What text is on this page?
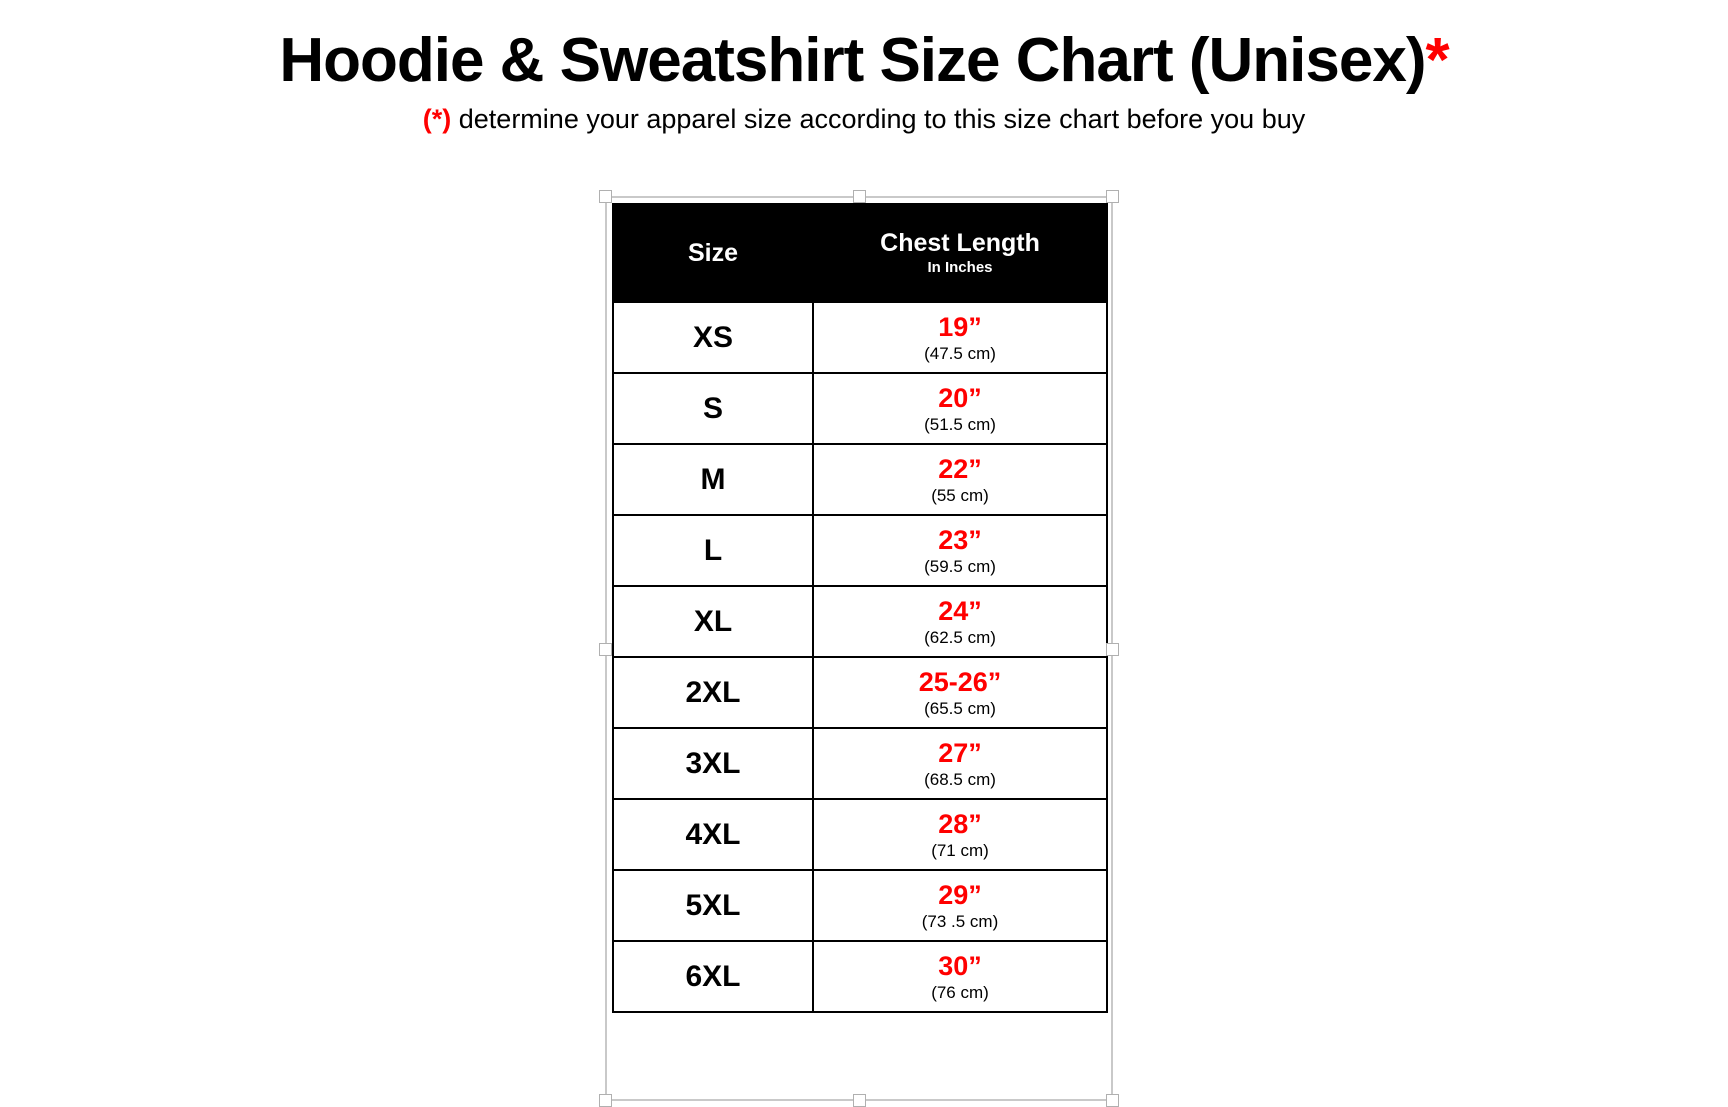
Hoodie & Sweatshirt Size Chart (Unisex)*
(*) determine your apparel size according to this size chart before you buy
Size	Chest Length
In Inches

XS	19”
(47.5 cm)

S	20”
(51.5 cm)

M	22”
(55 cm)

L	23”
(59.5 cm)

XL	24”
(62.5 cm)

2XL	25-26”
(65.5 cm)

3XL	27”
(68.5 cm)

4XL	28”
(71 cm)

5XL	29”
(73 .5 cm)

6XL	30”
(76 cm)
